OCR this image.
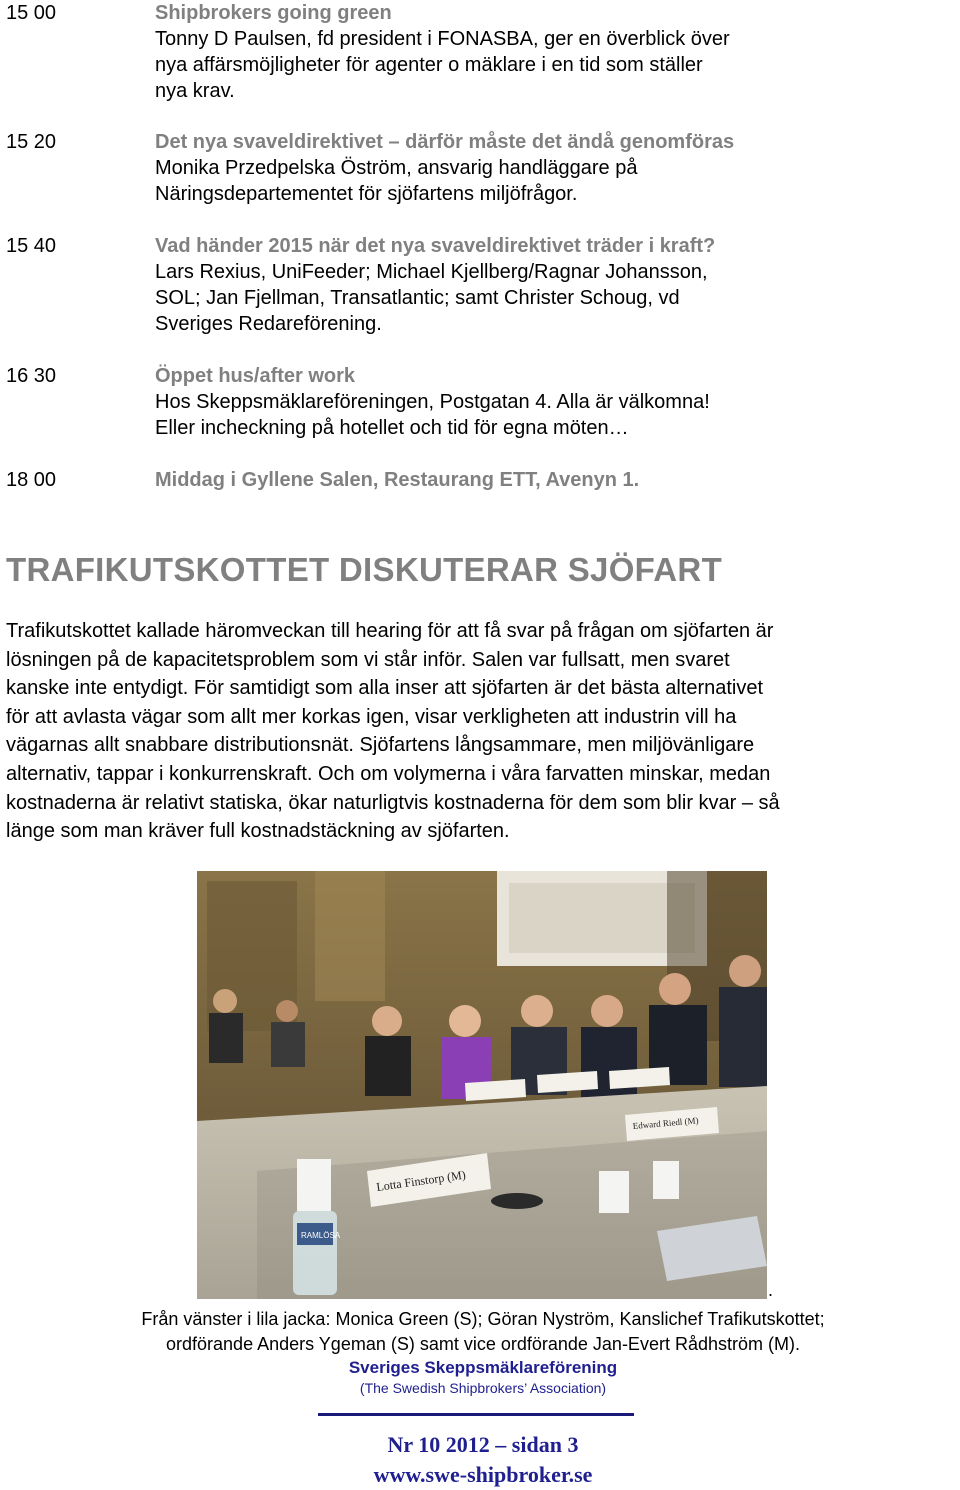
15 00	Shipbrokers going green
Tonny D Paulsen, fd president i FONASBA, ger en överblick över
nya affärsmöjligheter för agenter o mäklare i en tid som ställer
nya krav.
15 20	Det nya svaveldirektivet – därför måste det ändå genomföras
Monika Przedpelska Öström, ansvarig handläggare på
Näringsdepartementet för sjöfartens miljöfrågor.
15 40	Vad händer 2015 när det nya svaveldirektivet träder i kraft?
Lars Rexius, UniFeeder; Michael Kjellberg/Ragnar Johansson,
SOL; Jan Fjellman, Transatlantic; samt Christer Schoug, vd
Sveriges Redareförening.
16 30	Öppet hus/after work
Hos Skeppsmäklareföreningen, Postgatan 4. Alla är välkomna!
Eller incheckning på hotellet och tid för egna möten…
18 00	Middag i Gyllene Salen, Restaurang ETT, Avenyn 1.
TRAFIKUTSKOTTET DISKUTERAR SJÖFART
Trafikutskottet kallade häromveckan till hearing för att få svar på frågan om sjöfarten är
lösningen på de kapacitetsproblem som vi står inför. Salen var fullsatt, men svaret
kanske inte entydigt. För samtidigt som alla inser att sjöfarten är det bästa alternativet
för att avlasta vägar som allt mer korkas igen, visar verkligheten att industrin vill ha
vägarnas allt snabbare distributionsnät. Sjöfartens långsammare, men miljövänligare
alternativ, tappar i konkurrenskraft. Och om volymerna i våra farvatten minskar, medan
kostnaderna är relativt statiska, ökar naturligtvis kostnaderna för dem som blir kvar – så
länge som man kräver full kostnadstäckning av sjöfarten.
Lotta Finstorp (M)
Edward Riedl (M)
RAMLÖSA
.
Från vänster i lila jacka: Monica Green (S); Göran Nyström, Kanslichef Trafikutskottet;
ordförande Anders Ygeman (S) samt vice ordförande Jan-Evert Rådhström (M).
Sveriges Skeppsmäklareförening
(The Swedish Shipbrokers’ Association)
Nr 10 2012 – sidan 3
www.swe-shipbroker.se
